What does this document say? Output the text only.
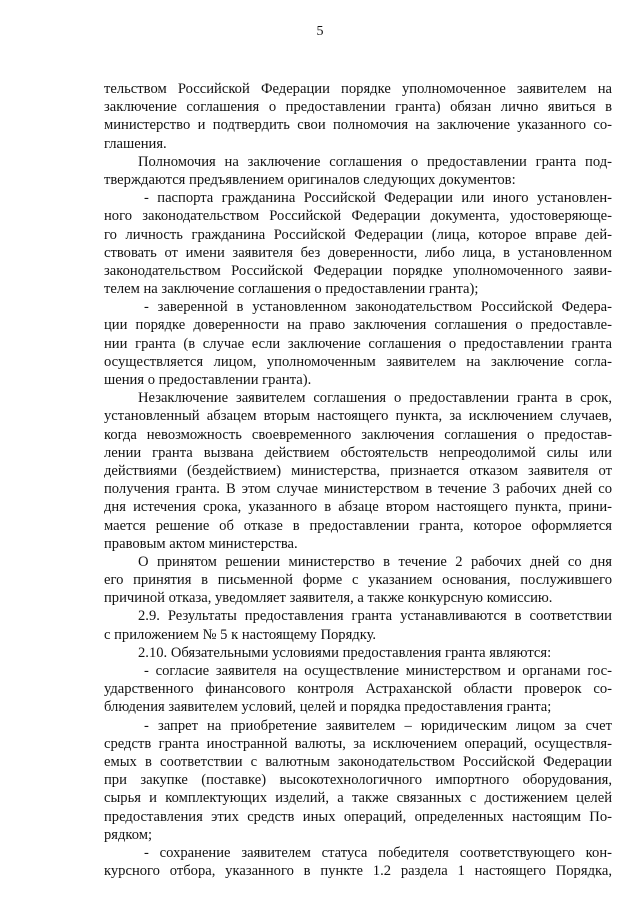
5
тельством Российской Федерации порядке уполномоченное заявителем на
заключение соглашения о предоставлении гранта) обязан лично явиться в
министерство и подтвердить свои полномочия на заключение указанного со-
глашения.
Полномочия на заключение соглашения о предоставлении гранта под-
тверждаются предъявлением оригиналов следующих документов:
- паспорта гражданина Российской Федерации или иного установлен-
ного законодательством Российской Федерации документа, удостоверяюще-
го личность гражданина Российской Федерации (лица, которое вправе дей-
ствовать от имени заявителя без доверенности, либо лица, в установленном
законодательством Российской Федерации порядке уполномоченного заяви-
телем на заключение соглашения о предоставлении гранта);
- заверенной в установленном законодательством Российской Федера-
ции порядке доверенности на право заключения соглашения о предоставле-
нии гранта (в случае если заключение соглашения о предоставлении гранта
осуществляется лицом, уполномоченным заявителем на заключение согла-
шения о предоставлении гранта).
Незаключение заявителем соглашения о предоставлении гранта в срок,
установленный абзацем вторым настоящего пункта, за исключением случаев,
когда невозможность своевременного заключения соглашения о предостав-
лении гранта вызвана действием обстоятельств непреодолимой силы или
действиями (бездействием) министерства, признается отказом заявителя от
получения гранта. В этом случае министерством в течение 3 рабочих дней со
дня истечения срока, указанного в абзаце втором настоящего пункта, прини-
мается решение об отказе в предоставлении гранта, которое оформляется
правовым актом министерства.
О принятом решении министерство в течение 2 рабочих дней со дня
его принятия в письменной форме с указанием основания, послужившего
причиной отказа, уведомляет заявителя, а также конкурсную комиссию.
2.9. Результаты предоставления гранта устанавливаются в соответствии
с приложением № 5 к настоящему Порядку.
2.10. Обязательными условиями предоставления гранта являются:
- согласие заявителя на осуществление министерством и органами гос-
ударственного финансового контроля Астраханской области проверок со-
блюдения заявителем условий, целей и порядка предоставления гранта;
- запрет на приобретение заявителем – юридическим лицом за счет
средств гранта иностранной валюты, за исключением операций, осуществля-
емых в соответствии с валютным законодательством Российской Федерации
при закупке (поставке) высокотехнологичного импортного оборудования,
сырья и комплектующих изделий, а также связанных с достижением целей
предоставления этих средств иных операций, определенных настоящим По-
рядком;
- сохранение заявителем статуса победителя соответствующего кон-
курсного отбора, указанного в пункте 1.2 раздела 1 настоящего Порядка,
